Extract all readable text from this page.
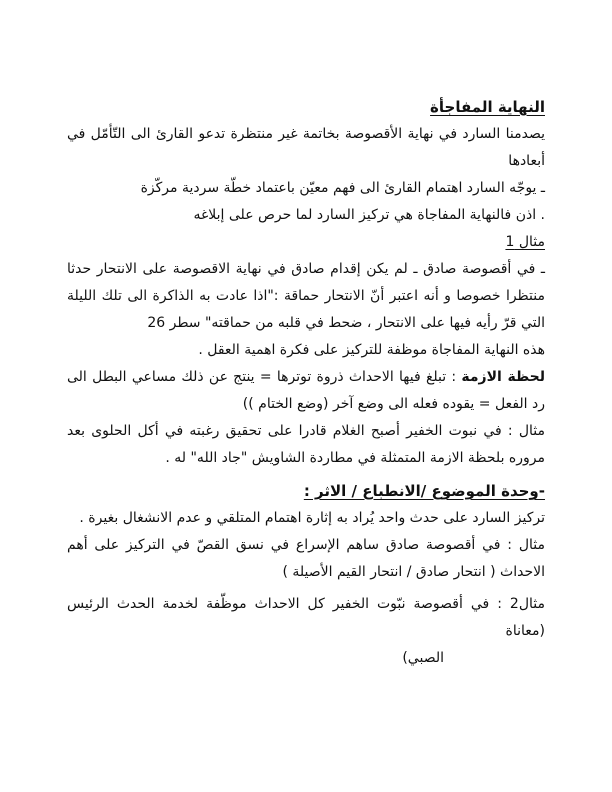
النهاية المفاجأة

يصدمنا السارد في نهاية الأقصوصة بخاتمة غير منتظرة تدعو القارئ الى التّأمّل في أبعادها

ـ يوجّه السارد اهتمام القارئ الى فهم معيّن باعتماد خطّة سردية مركّزة

. اذن فالنهاية المفاجاة هي تركيز السارد لما حرص على إبلاغه

مثال 1

ـ في أقصوصة صادق ـ لم يكن إقدام صادق في نهاية الاقصوصة على الانتحار حدثا منتظرا خصوصا و أنه اعتبر أنّ الانتحار حماقة :"اذا عادت به الذاكرة الى تلك الليلة التي قرّ رأيه فيها على الانتحار ، ضحط في قلبه من حماقته" سطر 26

هذه النهاية المفاجاة موظفة للتركيز على فكرة اهمية العقل .

لحظة الازمة : تبلغ فيها الاحداث ذروة توترها = ينتج عن ذلك مساعي البطل الى رد الفعل = يقوده فعله الى وضع آخر (وضع الختام ))

مثال : في نبوت الخفير أصبح الغلام قادرا على تحقيق رغبته في أكل الحلوى بعد مروره بلحظة الازمة المتمثلة في مطاردة الشاويش "جاد الله" له .

-وحدة الموضوع /الانطباع / الاثر :

تركيز السارد على حدث واحد يُراد به إثارة اهتمام المتلقي و عدم الانشغال بغيرة .

مثال : في أقصوصة صادق ساهم الإسراع في نسق القصّ في التركيز على أهم الاحداث ( انتحار صادق / انتحار القيم الأصيلة )

مثال2 : في أقصوصة نبّوت الخفير كل الاحداث موظّفة لخدمة الحدث الرئيس (معاناة
الصبي)
